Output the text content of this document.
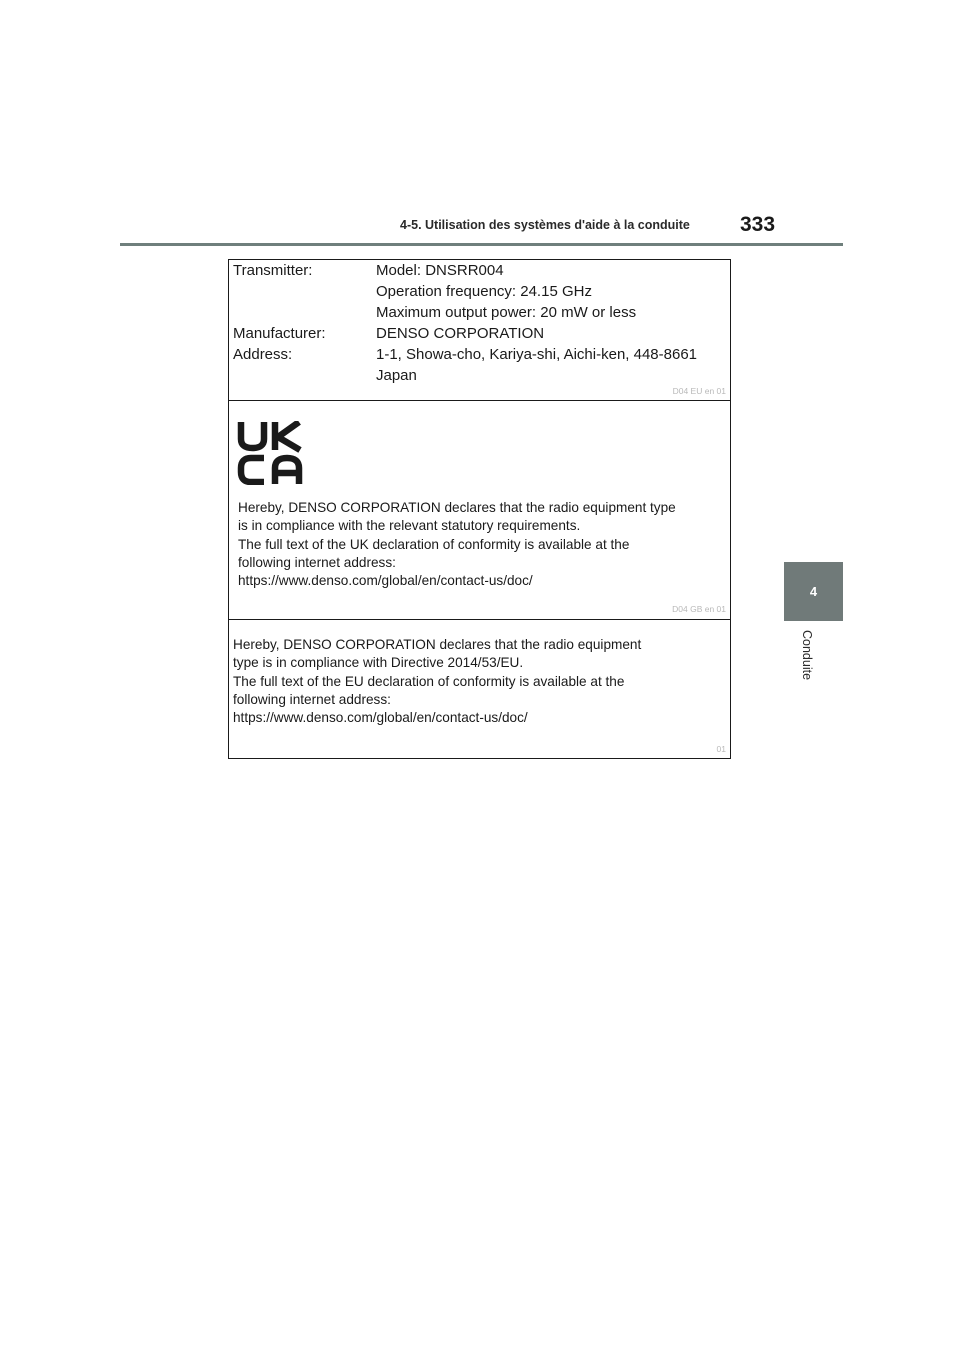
4-5. Utilisation des systèmes d'aide à la conduite 333
4
Conduite
Transmitter:	Model: DNSRR004
Operation frequency: 24.15 GHz
Maximum output power: 20 mW or less
Manufacturer:	DENSO CORPORATION
Address:	1-1, Showa-cho, Kariya-shi, Aichi-ken, 448-8661
Japan
D04 EU en 01
Hereby, DENSO CORPORATION declares that the radio equipment type
is in compliance with the relevant statutory requirements.
The full text of the UK declaration of conformity is available at the
following internet address:
https://www.denso.com/global/en/contact-us/doc/
D04 GB en 01
Hereby, DENSO CORPORATION declares that the radio equipment
type is in compliance with Directive 2014/53/EU.
The full text of the EU declaration of conformity is available at the
following internet address:
https://www.denso.com/global/en/contact-us/doc/
01
